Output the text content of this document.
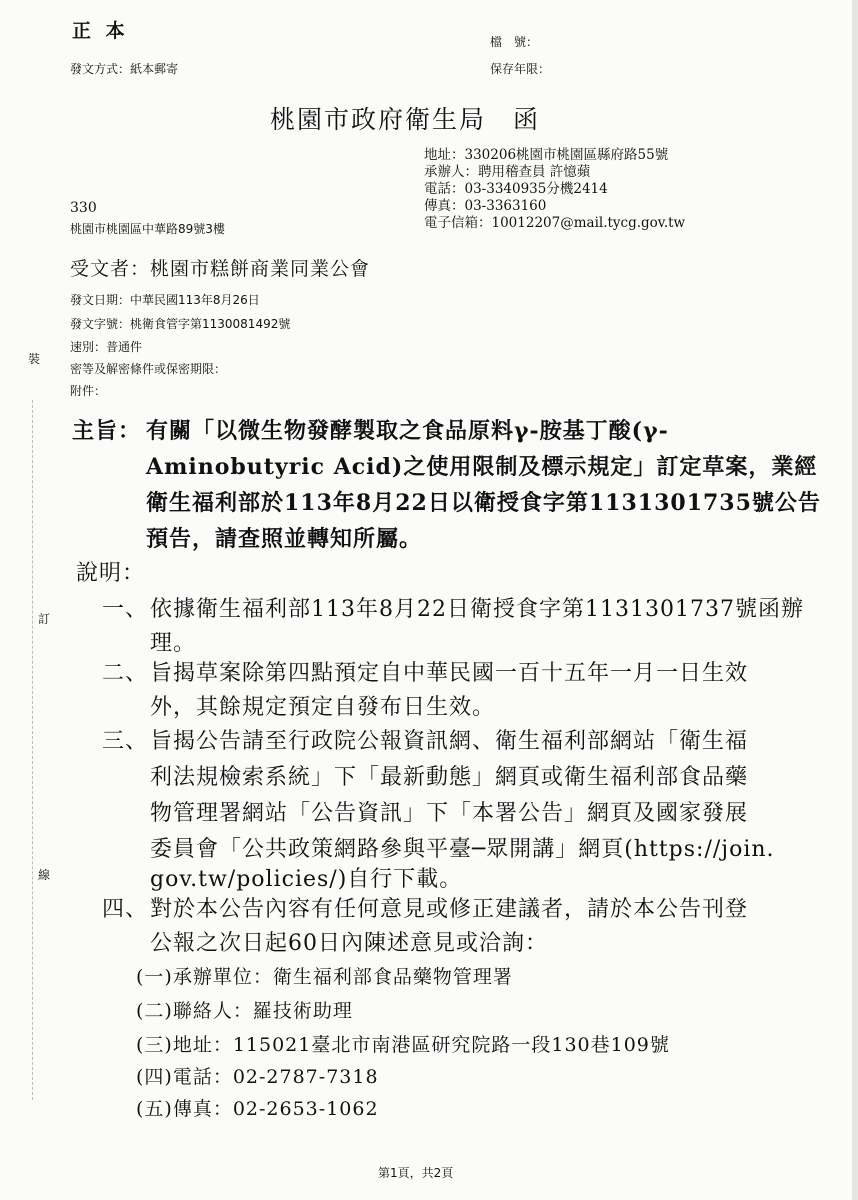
正 本	檔　號：
發文方式：紙本郵寄	保存年限：
桃園市政府衛生局　函
地址：330206桃園市桃園區縣府路55號
承辦人：聘用稽查員 許憶蘋
電話：03-3340935分機2414
傳真：03-3363160
電子信箱：10012207@mail.tycg.gov.tw
330
桃園市桃園區中華路89號3樓
受文者：桃園市糕餅商業同業公會
發文日期：中華民國113年8月26日
發文字號：桃衛食管字第1130081492號
速別：普通件
密等及解密條件或保密期限：
附件：
裝
訂
線
主旨： 有關「以微生物發酵製取之食品原料γ-胺基丁酸(γ-
Aminobutyric Acid)之使用限制及標示規定」訂定草案，業經
衛生福利部於113年8月22日以衛授食字第1131301735號公告
預告，請查照並轉知所屬。
說明：
一、 依據衛生福利部113年8月22日衛授食字第1131301737號函辦
理。
二、 旨揭草案除第四點預定自中華民國一百十五年一月一日生效
外，其餘規定預定自發布日生效。
三、 旨揭公告請至行政院公報資訊網、衛生福利部網站「衛生福
利法規檢索系統」下「最新動態」網頁或衛生福利部食品藥
物管理署網站「公告資訊」下「本署公告」網頁及國家發展
委員會「公共政策網路參與平臺─眾開講」網頁(https://join.
gov.tw/policies/)自行下載。
四、 對於本公告內容有任何意見或修正建議者，請於本公告刊登
公報之次日起60日內陳述意見或洽詢：
(一)承辦單位：衛生福利部食品藥物管理署
(二)聯絡人：羅技術助理
(三)地址：115021臺北市南港區研究院路一段130巷109號
(四)電話：02-2787-7318
(五)傳真：02-2653-1062
第1頁，共2頁
